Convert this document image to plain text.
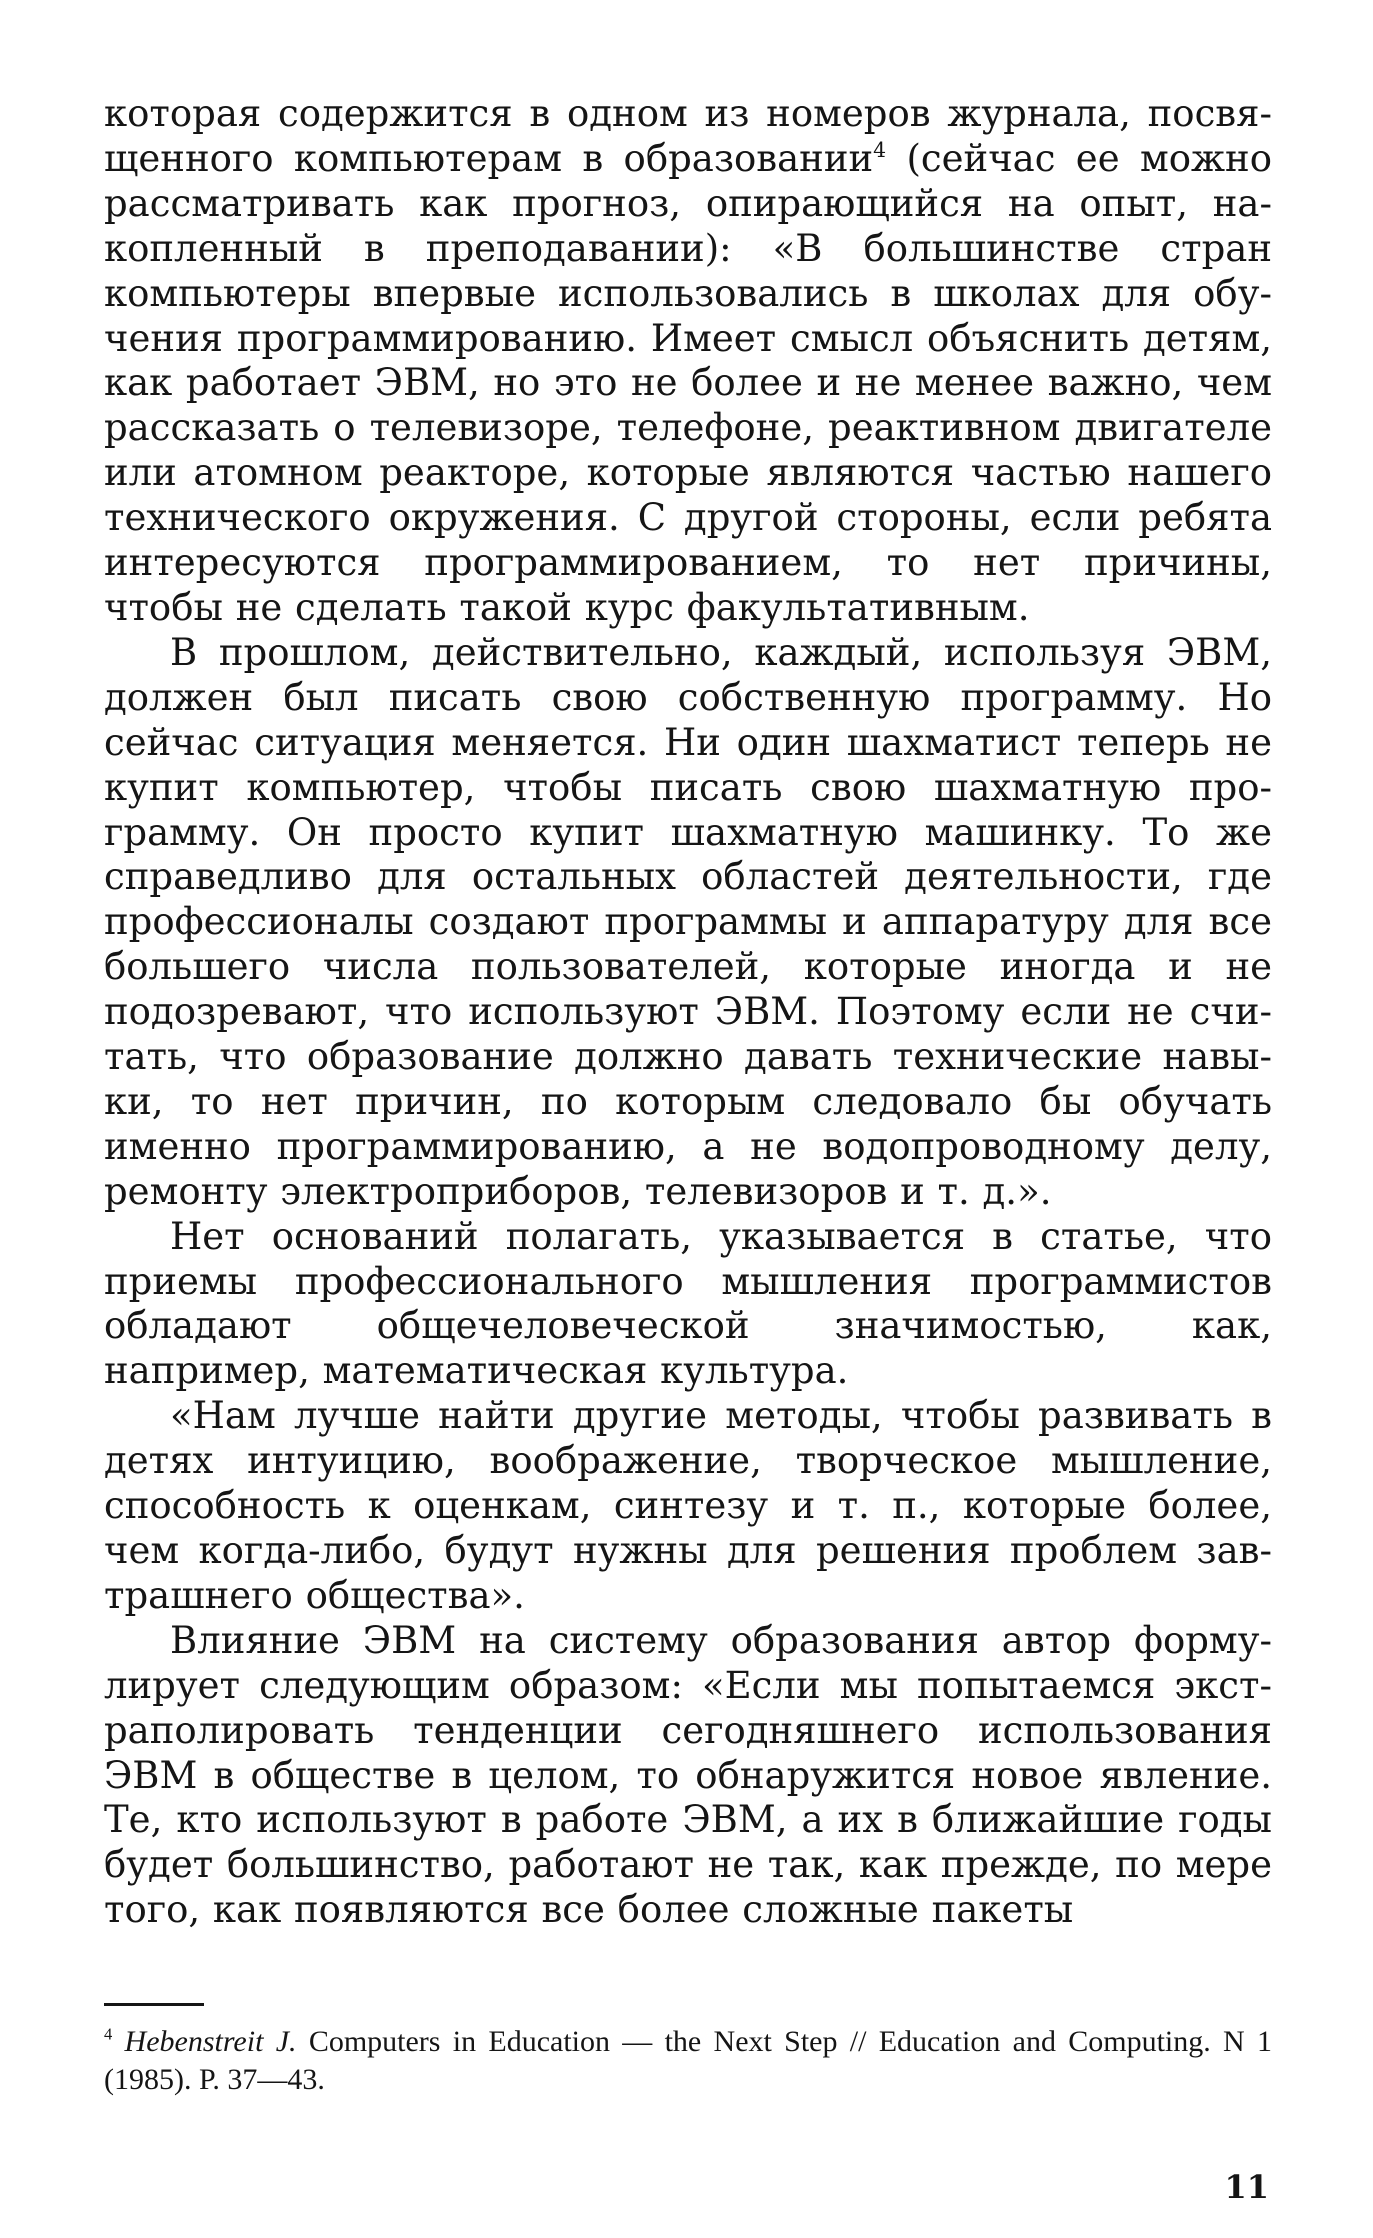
которая содержится в одном из номеров журнала, посвященного компьютерам в образовании$^4$ (сейчас ее можно рассматривать как прогноз, опирающийся на опыт, накопленный в преподавании): «В большинстве стран компьютеры впервые использовались в школах для обучения программированию. Имеет смысл объяснить детям, как работает ЭВМ, но это не более и не менее важно, чем рассказать о телевизоре, телефоне, реактивном двигателе или атомном реакторе, которые являются частью нашего технического окружения. С другой стороны, если ребята интересуются программированием, то нет причины, чтобы не сделать такой курс факультативным.

В прошлом, действительно, каждый, используя ЭВМ, должен был писать свою собственную программу. Но сейчас ситуация меняется. Ни один шахматист теперь не купит компьютер, чтобы писать свою шахматную программу. Он просто купит шахматную машинку. То же справедливо для остальных областей деятельности, где профессионалы создают программы и аппаратуру для все большего числа пользователей, которые иногда и не подозревают, что используют ЭВМ. Поэтому если не считать, что образование должно давать технические навыки, то нет причин, по которым следовало бы обучать именно программированию, а не водопроводному делу, ремонту электроприборов, телевизоров и т. д.».

Нет оснований полагать, указывается в статье, что приемы профессионального мышления программистов обладают общечеловеческой значимостью, как, например, математическая культура.

«Нам лучше найти другие методы, чтобы развивать в детях интуицию, воображение, творческое мышление, способность к оценкам, синтезу и т. п., которые более, чем когда-либо, будут нужны для решения проблем завтрашнего общества».

Влияние ЭВМ на систему образования автор формулирует следующим образом: «Если мы попытаемся экстраполировать тенденции сегодняшнего использования ЭВМ в обществе в целом, то обнаружится новое явление. Те, кто используют в работе ЭВМ, а их в ближайшие годы будет большинство, работают не так, как прежде, по мере того, как появляются все более сложные пакеты

$^4$ Hebenstreit J. Computers in Education — the Next Step // Education and Computing. N 1 (1985). P. 37—43.

11
